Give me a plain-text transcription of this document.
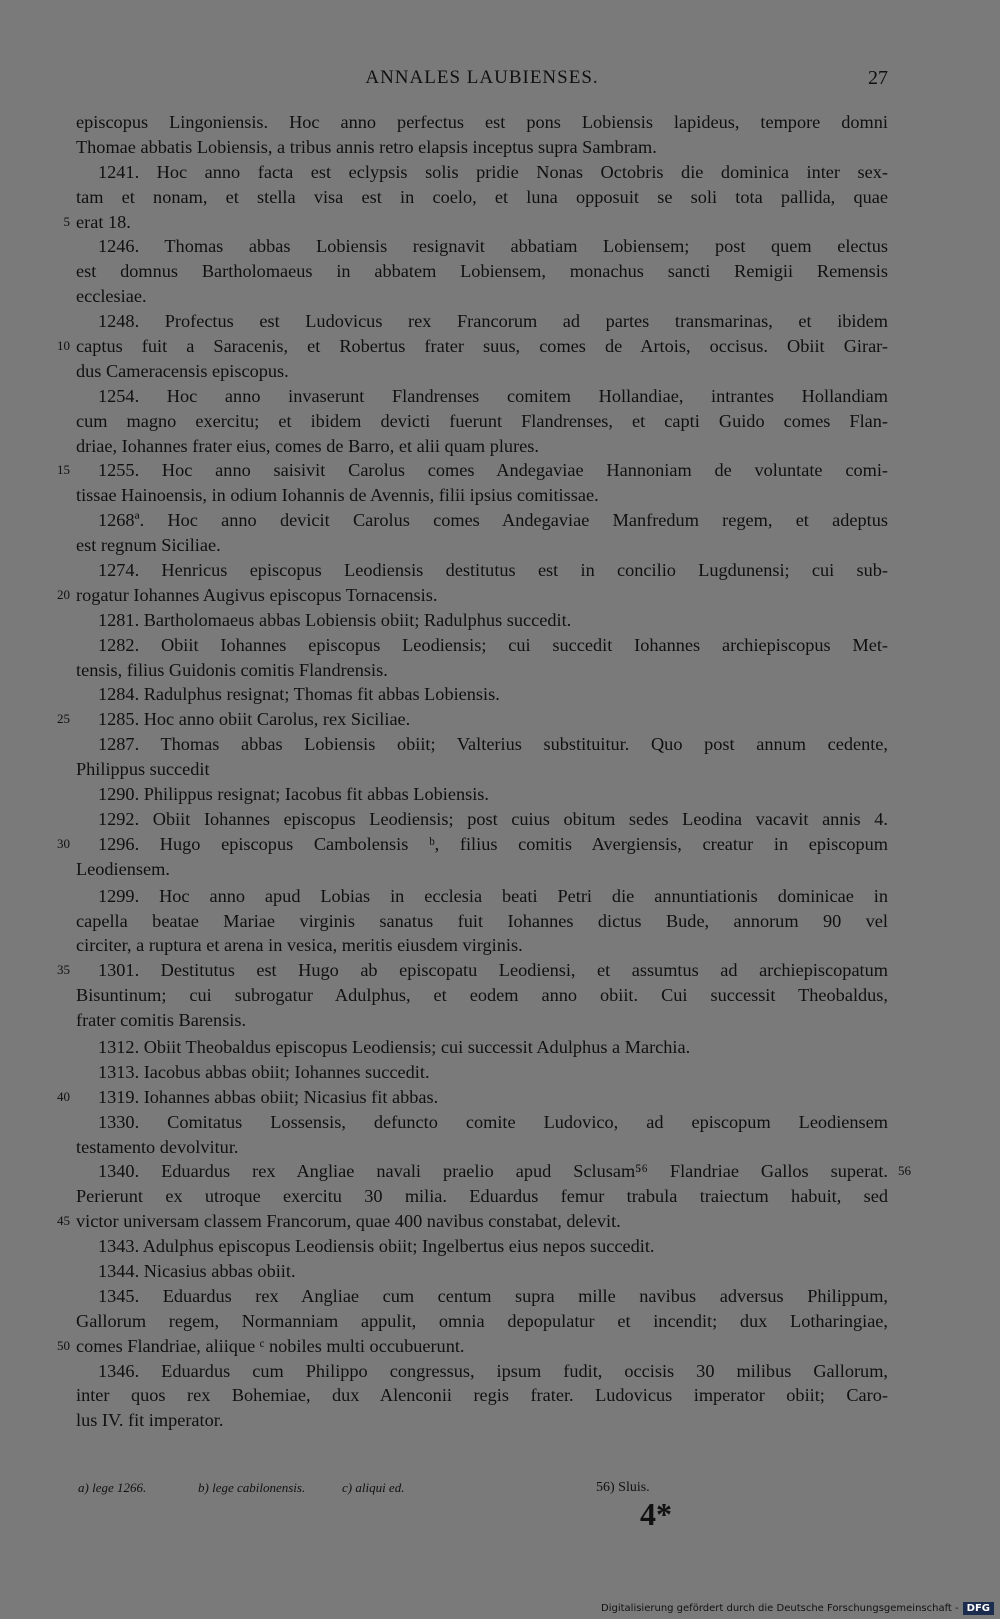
ANNALES LAUBIENSES.	27
episcopus Lingoniensis. Hoc anno perfectus est pons Lobiensis lapideus, tempore domni
Thomae abbatis Lobiensis, a tribus annis retro elapsis inceptus supra Sambram.
1241. Hoc anno facta est eclypsis solis pridie Nonas Octobris die dominica inter sex-
tam et nonam, et stella visa est in coelo, et luna opposuit se soli tota pallida, quae
erat 18.
5
1246. Thomas abbas Lobiensis resignavit abbatiam Lobiensem; post quem electus
est domnus Bartholomaeus in abbatem Lobiensem, monachus sancti Remigii Remensis
ecclesiae.
1248. Profectus est Ludovicus rex Francorum ad partes transmarinas, et ibidem
captus fuit a Saracenis, et Robertus frater suus, comes de Artois, occisus. Obiit Girar-
10
dus Cameracensis episcopus.
1254. Hoc anno invaserunt Flandrenses comitem Hollandiae, intrantes Hollandiam
cum magno exercitu; et ibidem devicti fuerunt Flandrenses, et capti Guido comes Flan-
driae, Iohannes frater eius, comes de Barro, et alii quam plures.
1255. Hoc anno saisivit Carolus comes Andegaviae Hannoniam de voluntate comi-
15
tissae Hainoensis, in odium Iohannis de Avennis, filii ipsius comitissae.
1268ª. Hoc anno devicit Carolus comes Andegaviae Manfredum regem, et adeptus
est regnum Siciliae.
1274. Henricus episcopus Leodiensis destitutus est in concilio Lugdunensi; cui sub-
rogatur Iohannes Augivus episcopus Tornacensis.
20
1281. Bartholomaeus abbas Lobiensis obiit; Radulphus succedit.
1282. Obiit Iohannes episcopus Leodiensis; cui succedit Iohannes archiepiscopus Met-
tensis, filius Guidonis comitis Flandrensis.
1284. Radulphus resignat; Thomas fit abbas Lobiensis.
1285. Hoc anno obiit Carolus, rex Siciliae.
25
1287. Thomas abbas Lobiensis obiit; Valterius substituitur. Quo post annum cedente,
Philippus succedit
1290. Philippus resignat; Iacobus fit abbas Lobiensis.
1292. Obiit Iohannes episcopus Leodiensis; post cuius obitum sedes Leodina vacavit annis 4.
1296. Hugo episcopus Cambolensis ᵇ, filius comitis Avergiensis, creatur in episcopum
30
Leodiensem.
1299. Hoc anno apud Lobias in ecclesia beati Petri die annuntiationis dominicae in
capella beatae Mariae virginis sanatus fuit Iohannes dictus Bude, annorum 90 vel
circiter, a ruptura et arena in vesica, meritis eiusdem virginis.
1301. Destitutus est Hugo ab episcopatu Leodiensi, et assumtus ad archiepiscopatum
35
Bisuntinum; cui subrogatur Adulphus, et eodem anno obiit. Cui successit Theobaldus,
frater comitis Barensis.
1312. Obiit Theobaldus episcopus Leodiensis; cui successit Adulphus a Marchia.
1313. Iacobus abbas obiit; Iohannes succedit.
1319. Iohannes abbas obiit; Nicasius fit abbas.
40
1330. Comitatus Lossensis, defuncto comite Ludovico, ad episcopum Leodiensem
testamento devolvitur.
1340. Eduardus rex Angliae navali praelio apud Sclusam⁵⁶ Flandriae Gallos superat. 56
Perierunt ex utroque exercitu 30 milia. Eduardus femur trabula traiectum habuit, sed
victor universam classem Francorum, quae 400 navibus constabat, delevit.
45
1343. Adulphus episcopus Leodiensis obiit; Ingelbertus eius nepos succedit.
1344. Nicasius abbas obiit.
1345. Eduardus rex Angliae cum centum supra mille navibus adversus Philippum,
Gallorum regem, Normanniam appulit, omnia depopulatur et incendit; dux Lotharingiae,
comes Flandriae, aliique ᶜ nobiles multi occubuerunt.
50
1346. Eduardus cum Philippo congressus, ipsum fudit, occisis 30 milibus Gallorum,
inter quos rex Bohemiae, dux Alenconii regis frater. Ludovicus imperator obiit; Caro-
lus IV. fit imperator.
a) lege 1266.	b) lege cabilonensis.	c) aliqui ed.	56) Sluis.
4*
Digitalisierung gefördert durch die Deutsche Forschungsgemeinschaft - DFG
